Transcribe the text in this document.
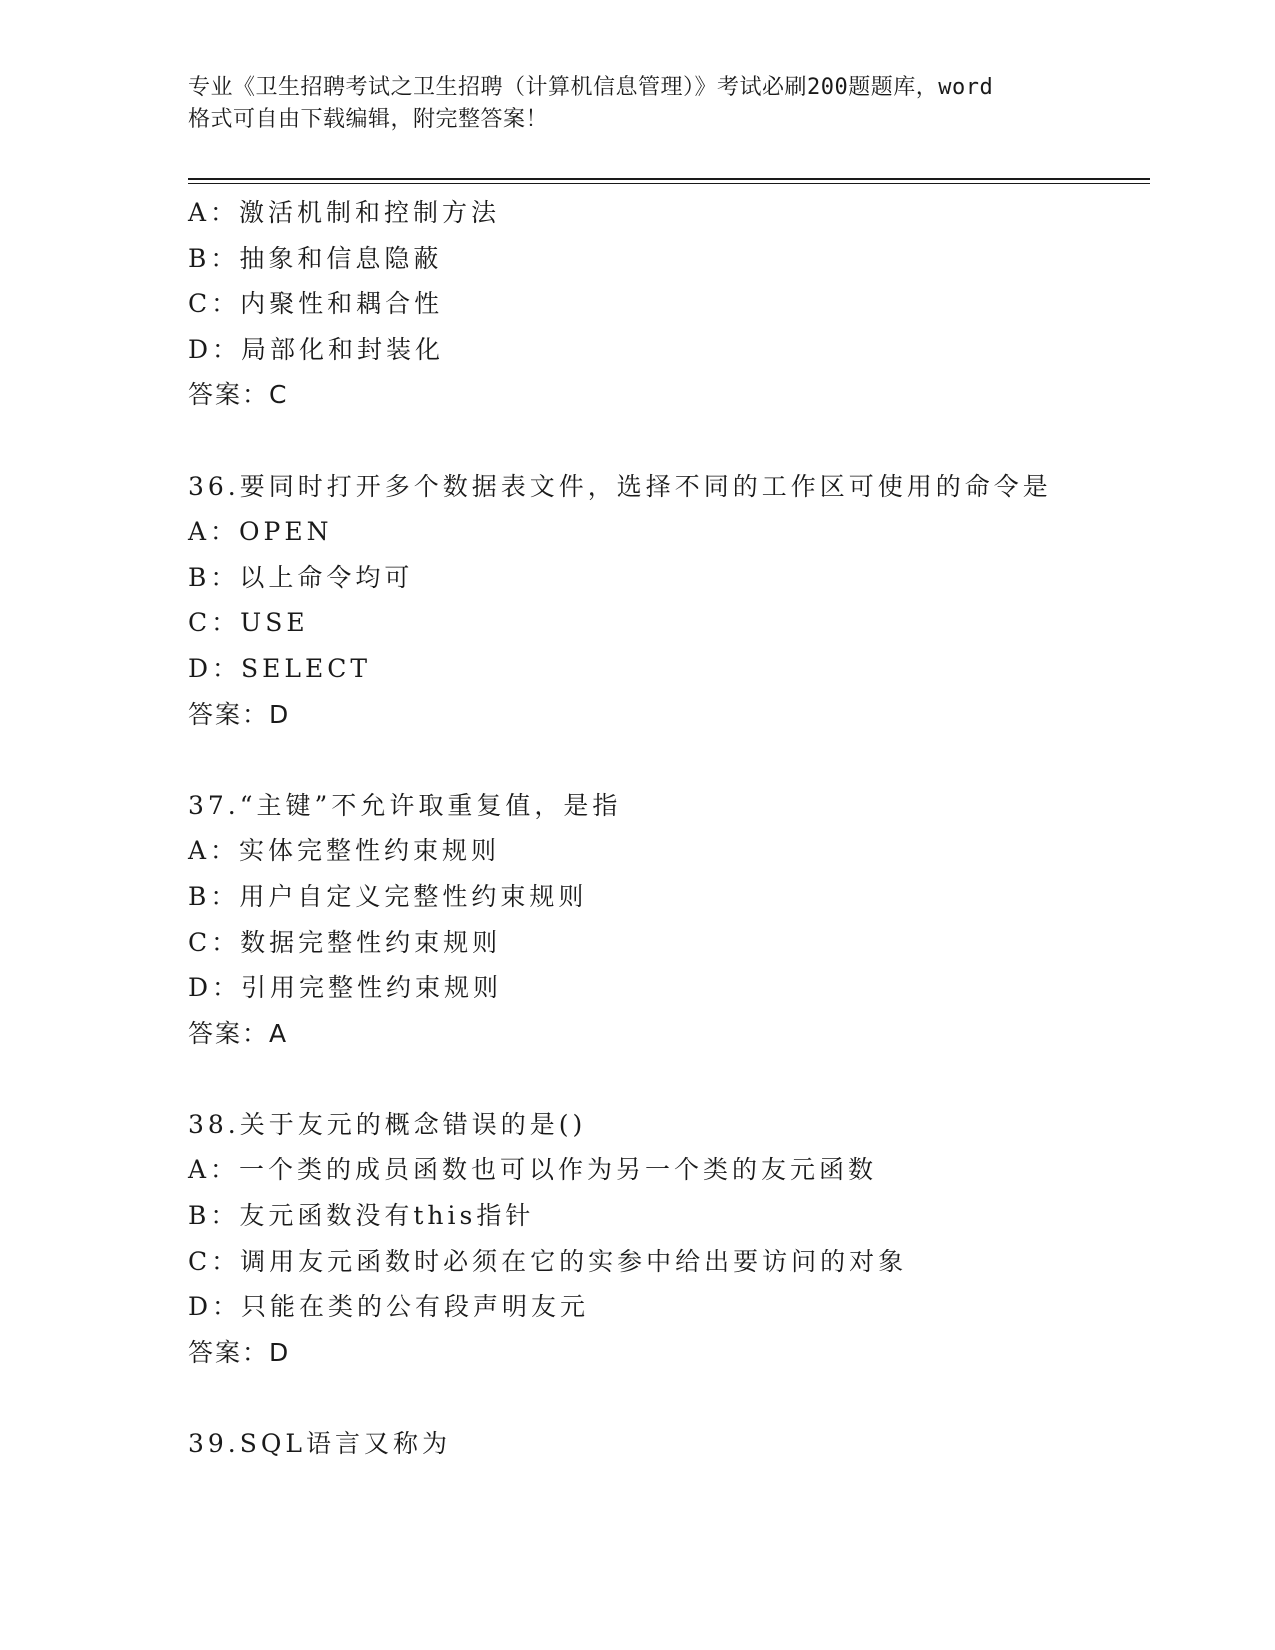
专业《卫生招聘考试之卫生招聘（计算机信息管理）》考试必刷200题题库，word
格式可自由下载编辑，附完整答案！
A：激活机制和控制方法
B：抽象和信息隐蔽
C：内聚性和耦合性
D：局部化和封装化
答案：C
36.要同时打开多个数据表文件，选择不同的工作区可使用的命令是
A：OPEN
B：以上命令均可
C：USE
D：SELECT
答案：D
37.“主键”不允许取重复值，是指
A：实体完整性约束规则
B：用户自定义完整性约束规则
C：数据完整性约束规则
D：引用完整性约束规则
答案：A
38.关于友元的概念错误的是()
A：一个类的成员函数也可以作为另一个类的友元函数
B：友元函数没有this指针
C：调用友元函数时必须在它的实参中给出要访问的对象
D：只能在类的公有段声明友元
答案：D
39.SQL语言又称为
